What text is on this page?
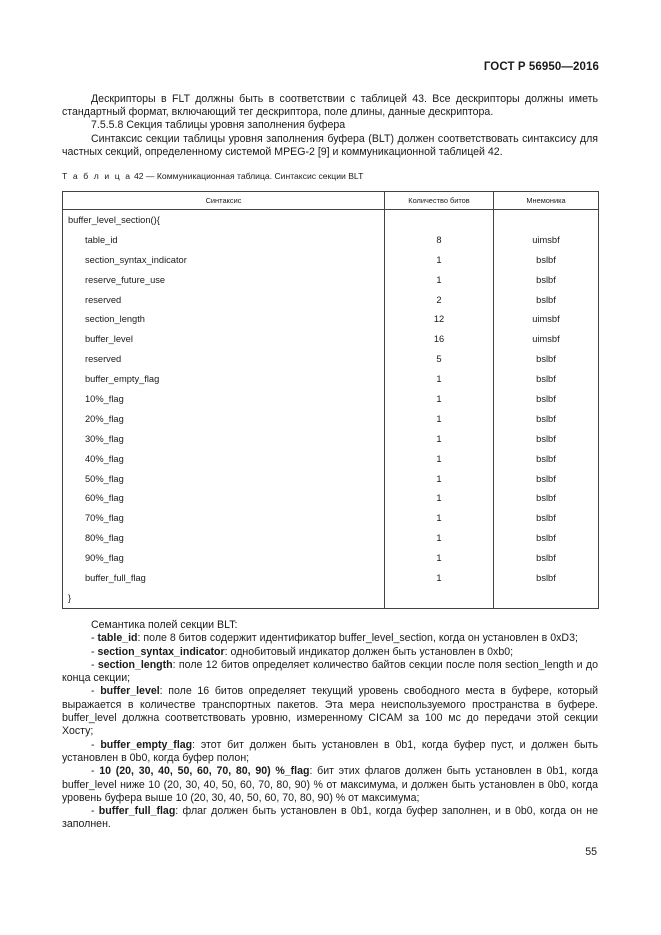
ГОСТ Р 56950—2016

Дескрипторы в FLT должны быть в соответствии с таблицей 43. Все дескрипторы должны иметь стандартный формат, включающий тег дескриптора, поле длины, данные дескриптора.

7.5.5.8 Секция таблицы уровня заполнения буфера

Синтаксис секции таблицы уровня заполнения буфера (BLT) должен соответствовать синтаксису для частных секций, определенному системой MPEG-2 [9] и коммуникационной таблицей 42.

Т а б л и ц а 42 — Коммуникационная таблица. Синтаксис секции BLT
Синтаксис	Количество битов	Мнемоника
buffer_level_section(){		
table_id	8	uimsbf
section_syntax_indicator	1	bslbf
reserve_future_use	1	bslbf
reserved	2	bslbf
section_length	12	uimsbf
buffer_level	16	uimsbf
reserved	5	bslbf
buffer_empty_flag	1	bslbf
10%_flag	1	bslbf
20%_flag	1	bslbf
30%_flag	1	bslbf
40%_flag	1	bslbf
50%_flag	1	bslbf
60%_flag	1	bslbf
70%_flag	1	bslbf
80%_flag	1	bslbf
90%_flag	1	bslbf
buffer_full_flag	1	bslbf
}		

Семантика полей секции BLT:

- table_id: поле 8 битов содержит идентификатор buffer_level_section, когда он установлен в 0xD3;

- section_syntax_indicator: однобитовый индикатор должен быть установлен в 0xb0;

- section_length: поле 12 битов определяет количество байтов секции после поля section_length и до конца секции;

- buffer_level: поле 16 битов определяет текущий уровень свободного места в буфере, который выражается в количестве транспортных пакетов. Эта мера неиспользуемого пространства в буфере. buffer_level должна соответствовать уровню, измеренному CICAM за 100 мс до передачи этой секции Хосту;

- buffer_empty_flag: этот бит должен быть установлен в 0b1, когда буфер пуст, и должен быть установлен в 0b0, когда буфер полон;

- 10 (20, 30, 40, 50, 60, 70, 80, 90) %_flag: бит этих флагов должен быть установлен в 0b1, когда buffer_level ниже 10 (20, 30, 40, 50, 60, 70, 80, 90) % от максимума, и должен быть установлен в 0b0, когда уровень буфера выше 10 (20, 30, 40, 50, 60, 70, 80, 90) % от максимума;

- buffer_full_flag: флаг должен быть установлен в 0b1, когда буфер заполнен, и в 0b0, когда он не заполнен.

55
